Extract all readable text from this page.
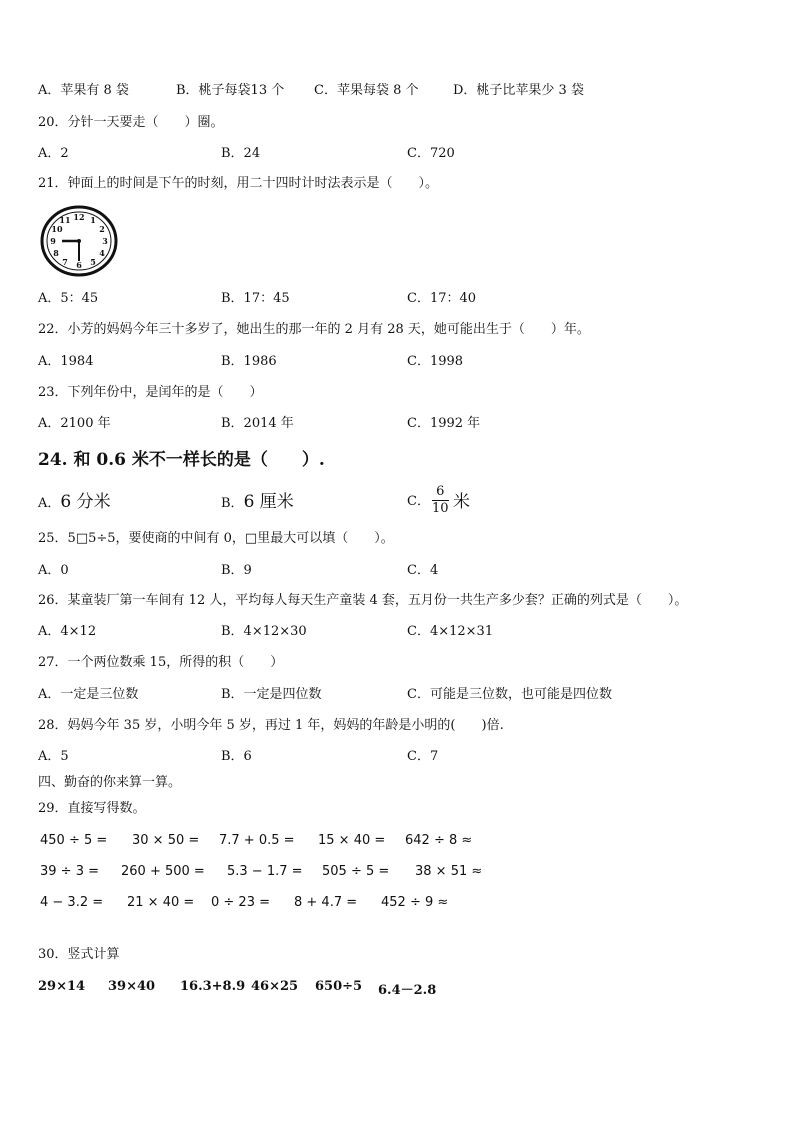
A．苹果有 8 袋	B．桃子每袋13 个 C．苹果每袋 8 个	D．桃子比苹果少 3 袋
20．分针一天要走（　　）圈。
A．2	B．24	C．720
21．钟面上的时间是下午的时刻，用二十四时计时法表示是（　　）。
12 1
2
3
4
5
6
7
8
9
10
11
A．5：45	B．17：45	C．17：40
22．小芳的妈妈今年三十多岁了，她出生的那一年的 2 月有 28 天，她可能出生于（　　）年。
A．1984	B．1986	C．1998
23．下列年份中，是闰年的是（　　）
A．2100 年	B．2014 年	C．1992 年
24. 和 0.6 米不一样长的是（　　）.
A．6 分米	B．6 厘米	C． $\frac{6}{10}$ 米
25．5□5÷5，要使商的中间有 0，□里最大可以填（　　）。
A．0	B．9	C．4
26．某童装厂第一车间有 12 人，平均每人每天生产童装 4 套，五月份一共生产多少套？正确的列式是（　　）。
A．4×12	B．4×12×30	C．4×12×31
27．一个两位数乘 15，所得的积（　　）
A．一定是三位数	B．一定是四位数	C．可能是三位数，也可能是四位数
28．妈妈今年 35 岁，小明今年 5 岁，再过 1 年，妈妈的年龄是小明的(　　)倍.
A．5	B．6	C．7
四、勤奋的你来算一算。
29．直接写得数。
450 ÷ 5 = 30 × 50 = 7.7 + 0.5 = 15 × 40 = 642 ÷ 8 ≈
39 ÷ 3 = 260 + 500 = 5.3 − 1.7 = 505 ÷ 5 = 38 × 51 ≈
4 − 3.2 = 21 × 40 = 0 ÷ 23 = 8 + 4.7 = 452 ÷ 9 ≈
30．竖式计算
29×14 39×40 16.3+8.9 46×25 650÷5 6.4－2.8
